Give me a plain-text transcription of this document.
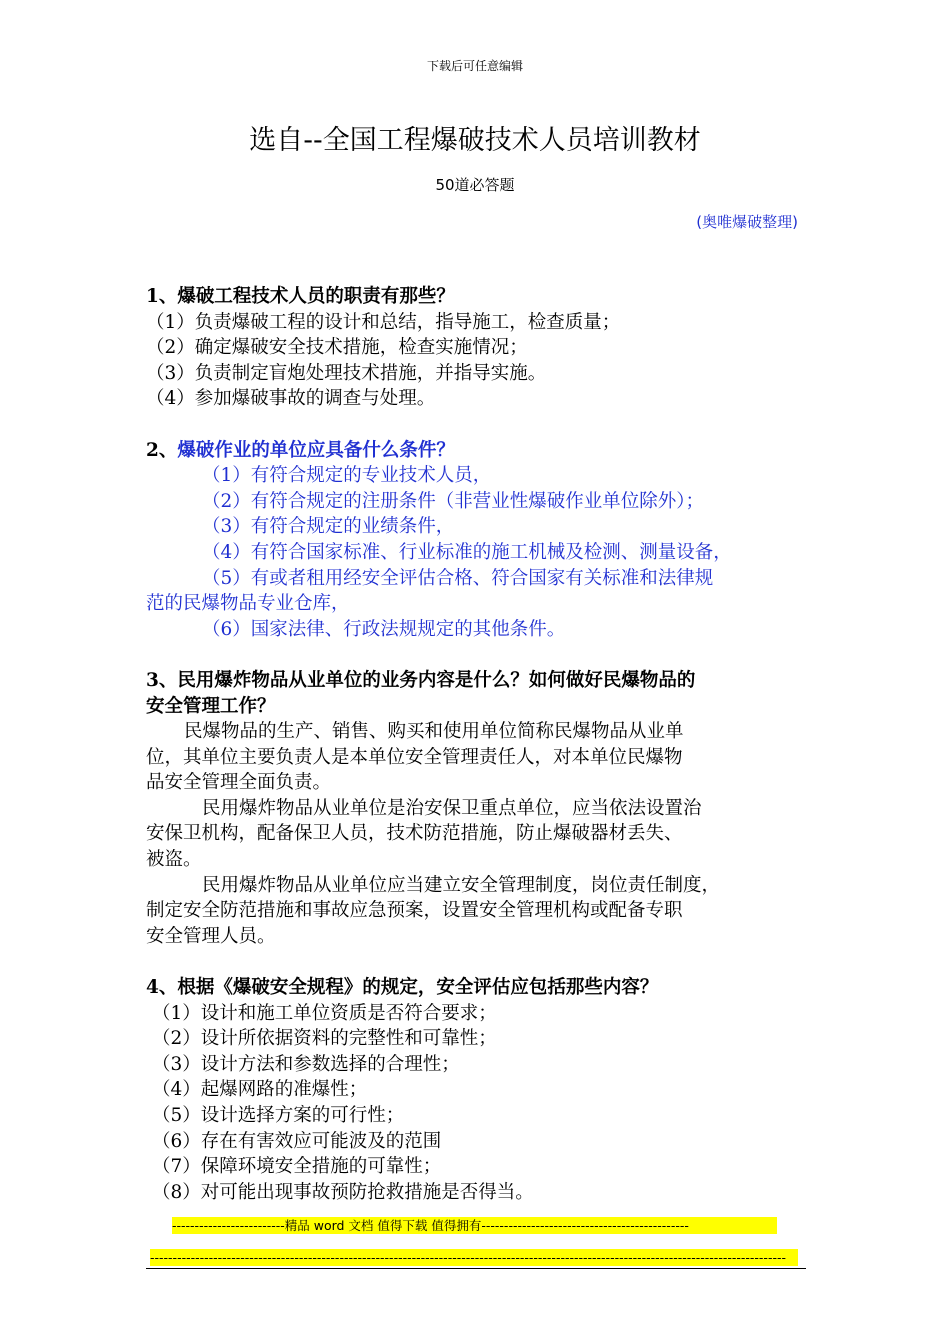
下载后可任意编辑
选自--全国工程爆破技术人员培训教材
50道必答题
(奥唯爆破整理)
1、爆破工程技术人员的职责有那些？
（1）负责爆破工程的设计和总结，指导施工，检查质量；
（2）确定爆破安全技术措施，检查实施情况；
（3）负责制定盲炮处理技术措施，并指导实施。
（4）参加爆破事故的调查与处理。
2、爆破作业的单位应具备什么条件？
（1）有符合规定的专业技术人员，
（2）有符合规定的注册条件（非营业性爆破作业单位除外）；
（3）有符合规定的业绩条件，
（4）有符合国家标准、行业标准的施工机械及检测、测量设备，
（5）有或者租用经安全评估合格、符合国家有关标准和法律规
范的民爆物品专业仓库，
（6）国家法律、行政法规规定的其他条件。
3、民用爆炸物品从业单位的业务内容是什么？如何做好民爆物品的
安全管理工作？
民爆物品的生产、销售、购买和使用单位简称民爆物品从业单
位，其单位主要负责人是本单位安全管理责任人，对本单位民爆物
品安全管理全面负责。
民用爆炸物品从业单位是治安保卫重点单位，应当依法设置治
安保卫机构，配备保卫人员，技术防范措施，防止爆破器材丢失、
被盗。
民用爆炸物品从业单位应当建立安全管理制度，岗位责任制度，
制定安全防范措施和事故应急预案，设置安全管理机构或配备专职
安全管理人员。
4、根据《爆破安全规程》的规定，安全评估应包括那些内容？
（1）设计和施工单位资质是否符合要求；
（2）设计所依据资料的完整性和可靠性；
（3）设计方法和参数选择的合理性；
（4）起爆网路的准爆性；
（5）设计选择方案的可行性；
（6）存在有害效应可能波及的范围
（7）保障环境安全措施的可靠性；
（8）对可能出现事故预防抢救措施是否得当。
-------------------------精品 word 文档 值得下载 值得拥有----------------------------------------------
---------------------------------------------------------------------------------------------------------------------------------------------
